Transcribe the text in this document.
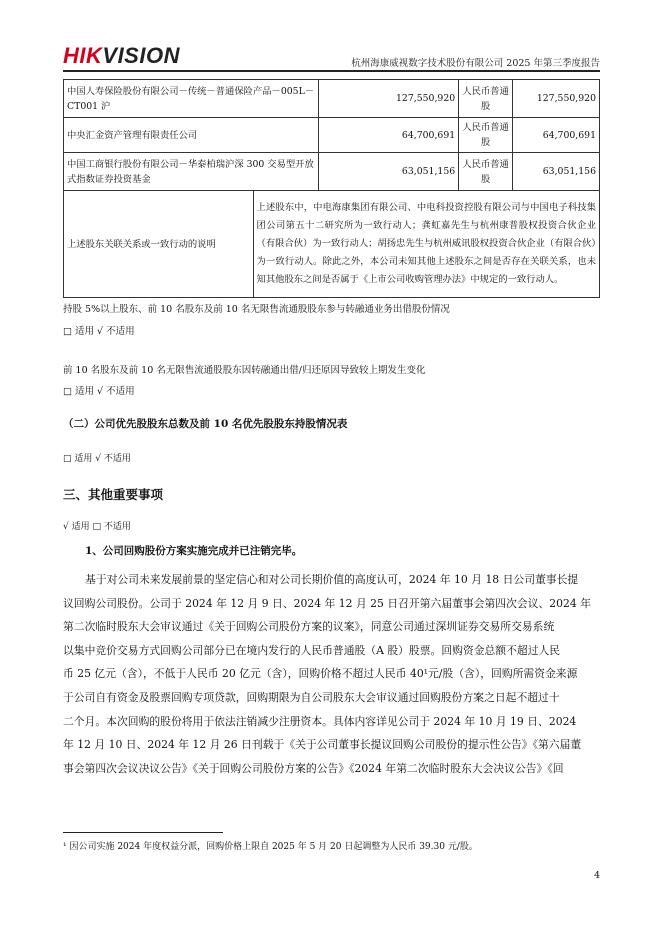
HIKVISION	杭州海康威视数字技术股份有限公司 2025 年第三季度报告
中国人寿保险股份有限公司－传统－普通保险产品－005L－CT001 沪		127,550,920	人民币普通股	127,550,920
中央汇金资产管理有限责任公司		64,700,691	人民币普通股	64,700,691
中国工商银行股份有限公司－华泰柏瑞沪深 300 交易型开放式指数证券投资基金		63,051,156	人民币普通股	63,051,156
上述股东关联关系或一致行动的说明	上述股东中，中电海康集团有限公司、中电科投资控股有限公司与中国电子科技集团公司第五十二研究所为一致行动人；龚虹嘉先生与杭州康普股权投资合伙企业（有限合伙）为一致行动人；胡扬忠先生与杭州威讯股权投资合伙企业（有限合伙）为一致行动人。除此之外，本公司未知其他上述股东之间是否存在关联关系，也未知其他股东之间是否属于《上市公司收购管理办法》中规定的一致行动人。			
持股 5%以上股东、前 10 名股东及前 10 名无限售流通股股东参与转融通业务出借股份情况
□ 适用 √ 不适用
前 10 名股东及前 10 名无限售流通股股东因转融通出借/归还原因导致较上期发生变化
□ 适用 √ 不适用
（二）公司优先股股东总数及前 10 名优先股股东持股情况表
□ 适用 √ 不适用
三、其他重要事项
√ 适用 □ 不适用
1、公司回购股份方案实施完成并已注销完毕。
基于对公司未来发展前景的坚定信心和对公司长期价值的高度认可，2024 年 10 月 18 日公司董事长提
议回购公司股份。公司于 2024 年 12 月 9 日、2024 年 12 月 25 日召开第六届董事会第四次会议、2024 年
第二次临时股东大会审议通过《关于回购公司股份方案的议案》，同意公司通过深圳证券交易所交易系统
以集中竞价交易方式回购公司部分已在境内发行的人民币普通股（A 股）股票。回购资金总额不超过人民
币 25 亿元（含），不低于人民币 20 亿元（含），回购价格不超过人民币 40¹元/股（含），回购所需资金来源
于公司自有资金及股票回购专项贷款，回购期限为自公司股东大会审议通过回购股份方案之日起不超过十
二个月。本次回购的股份将用于依法注销减少注册资本。具体内容详见公司于 2024 年 10 月 19 日、2024
年 12 月 10 日、2024 年 12 月 26 日刊载于《关于公司董事长提议回购公司股份的提示性公告》《第六届董
事会第四次会议决议公告》《关于回购公司股份方案的公告》《2024 年第二次临时股东大会决议公告》《回
¹ 因公司实施 2024 年度权益分派，回购价格上限自 2025 年 5 月 20 日起调整为人民币 39.30 元/股。
4
